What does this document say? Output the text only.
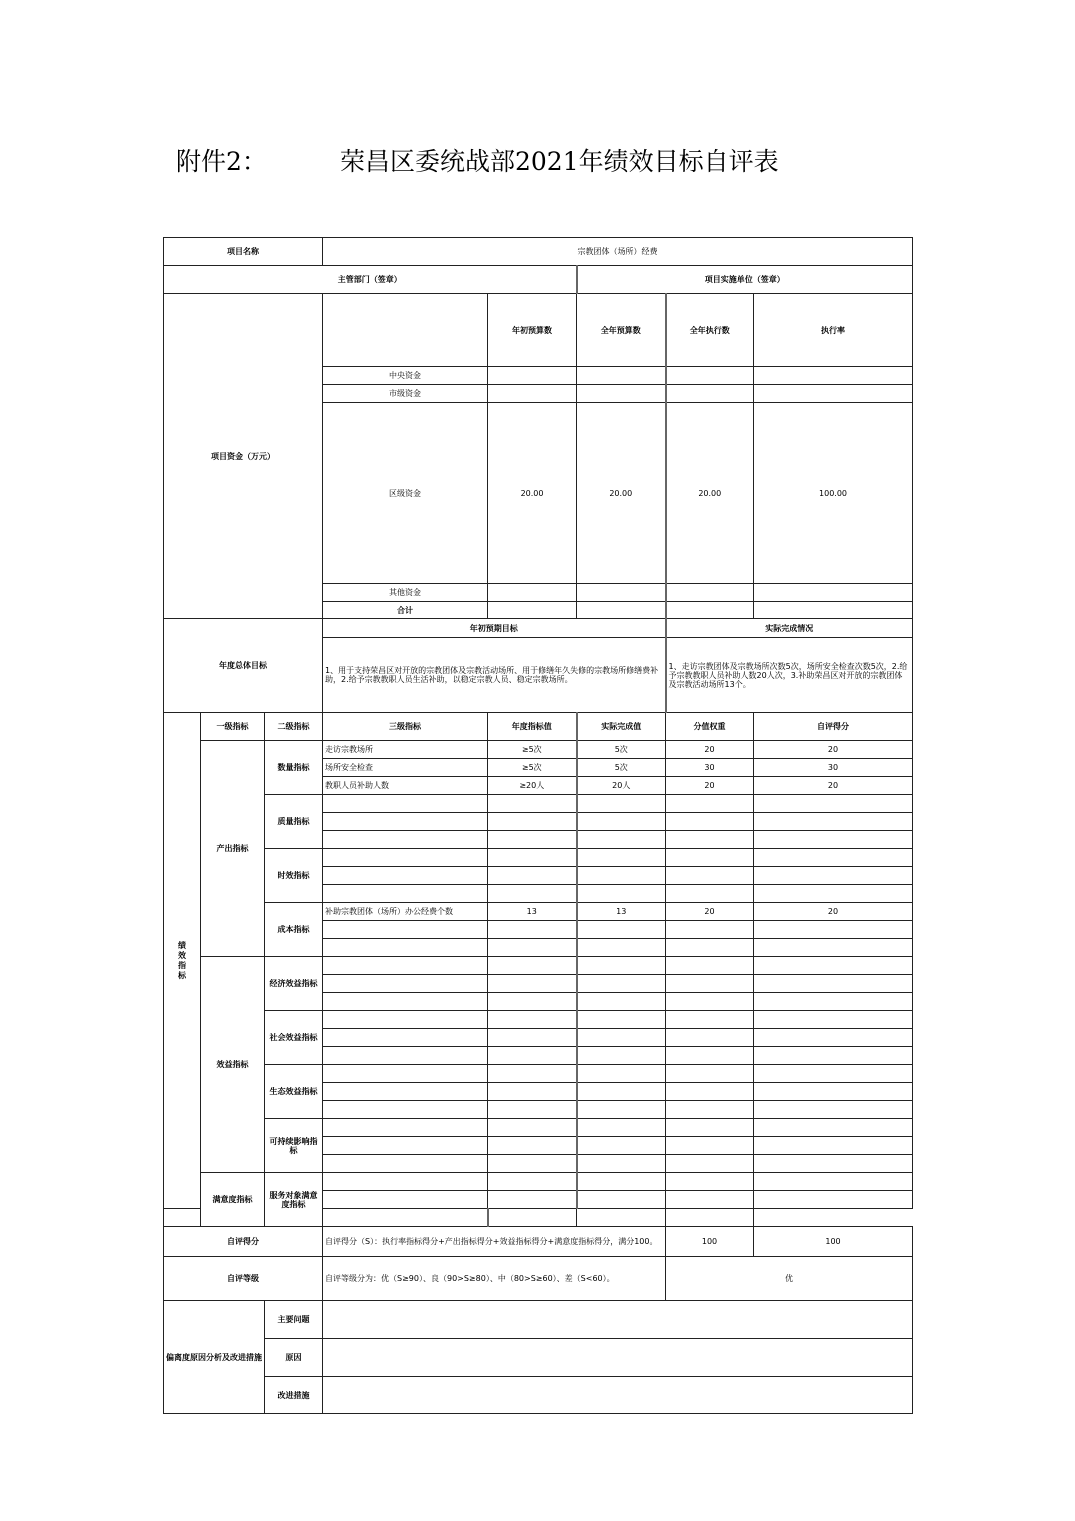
附件2：	荣昌区委统战部2021年绩效目标自评表
项目名称			宗教团体（场所）经费					
主管部门（签章）					项目实施单位（签章）			
项目资金（万元）				年初预算数	全年预算数	全年执行数	执行率	
			中央资金					
			市级资金					
			区级资金	20.00	20.00	20.00	100.00	
			其他资金					
			合计					
年度总体目标			年初预期目标			实际完成情况		
			1、用于支持荣昌区对开放的宗教团体及宗教活动场所、用于修缮年久失修的宗教场所修缮费补助，2.给予宗教教职人员生活补助，以稳定宗教人员、稳定宗教场所。			1、走访宗教团体及宗教场所次数5次，场所安全检查次数5次，2.给予宗教教职人员补助人数20人次，3.补助荣昌区对开放的宗教团体及宗教活动场所13个。		
绩效指标	一级指标	二级指标	三级指标	年度指标值	实际完成值	分值权重	自评得分	
	产出指标	数量指标	走访宗教场所	≥5次	5次	20	20	
			场所安全检查	≥5次	5次	30	30	
			教职人员补助人数	≥20人	20人	20	20	
		质量指标						

		时效指标						

		成本指标	补助宗教团体（场所）办公经费个数	13	13	20	20	

	效益指标	经济效益指标						

		社会效益指标						

		生态效益指标						

		可持续影响指标						

	满意度指标	服务对象满意度指标						

自评得分			自评得分（S）：执行率指标得分+产出指标得分+效益指标得分+满意度指标得分，满分100。			100	100	
自评等级			自评等级分为：优（S≥90）、良（90>S≥80）、中（80>S≥60）、差（S<60）。			优		
偏离度原因分析及改进措施		主要问题						
		原因						
		改进措施						
